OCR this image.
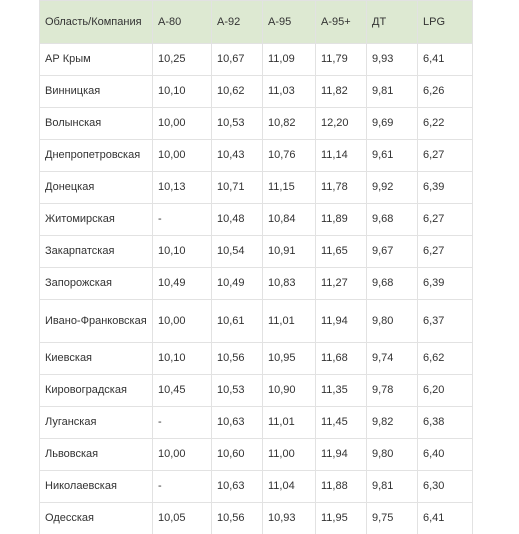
Область/Компания	А-80	А-92	А-95	А-95+	ДТ	LPG
АР Крым	10,25	10,67	11,09	11,79	9,93	6,41
Винницкая	10,10	10,62	11,03	11,82	9,81	6,26
Волынская	10,00	10,53	10,82	12,20	9,69	6,22
Днепропетровская	10,00	10,43	10,76	11,14	9,61	6,27
Донецкая	10,13	10,71	11,15	11,78	9,92	6,39
Житомирская	-	10,48	10,84	11,89	9,68	6,27
Закарпатская	10,10	10,54	10,91	11,65	9,67	6,27
Запорожская	10,49	10,49	10,83	11,27	9,68	6,39
Ивано-Франковская	10,00	10,61	11,01	11,94	9,80	6,37
Киевская	10,10	10,56	10,95	11,68	9,74	6,62
Кировоградская	10,45	10,53	10,90	11,35	9,78	6,20
Луганская	-	10,63	11,01	11,45	9,82	6,38
Львовская	10,00	10,60	11,00	11,94	9,80	6,40
Николаевская	-	10,63	11,04	11,88	9,81	6,30
Одесская	10,05	10,56	10,93	11,95	9,75	6,41
